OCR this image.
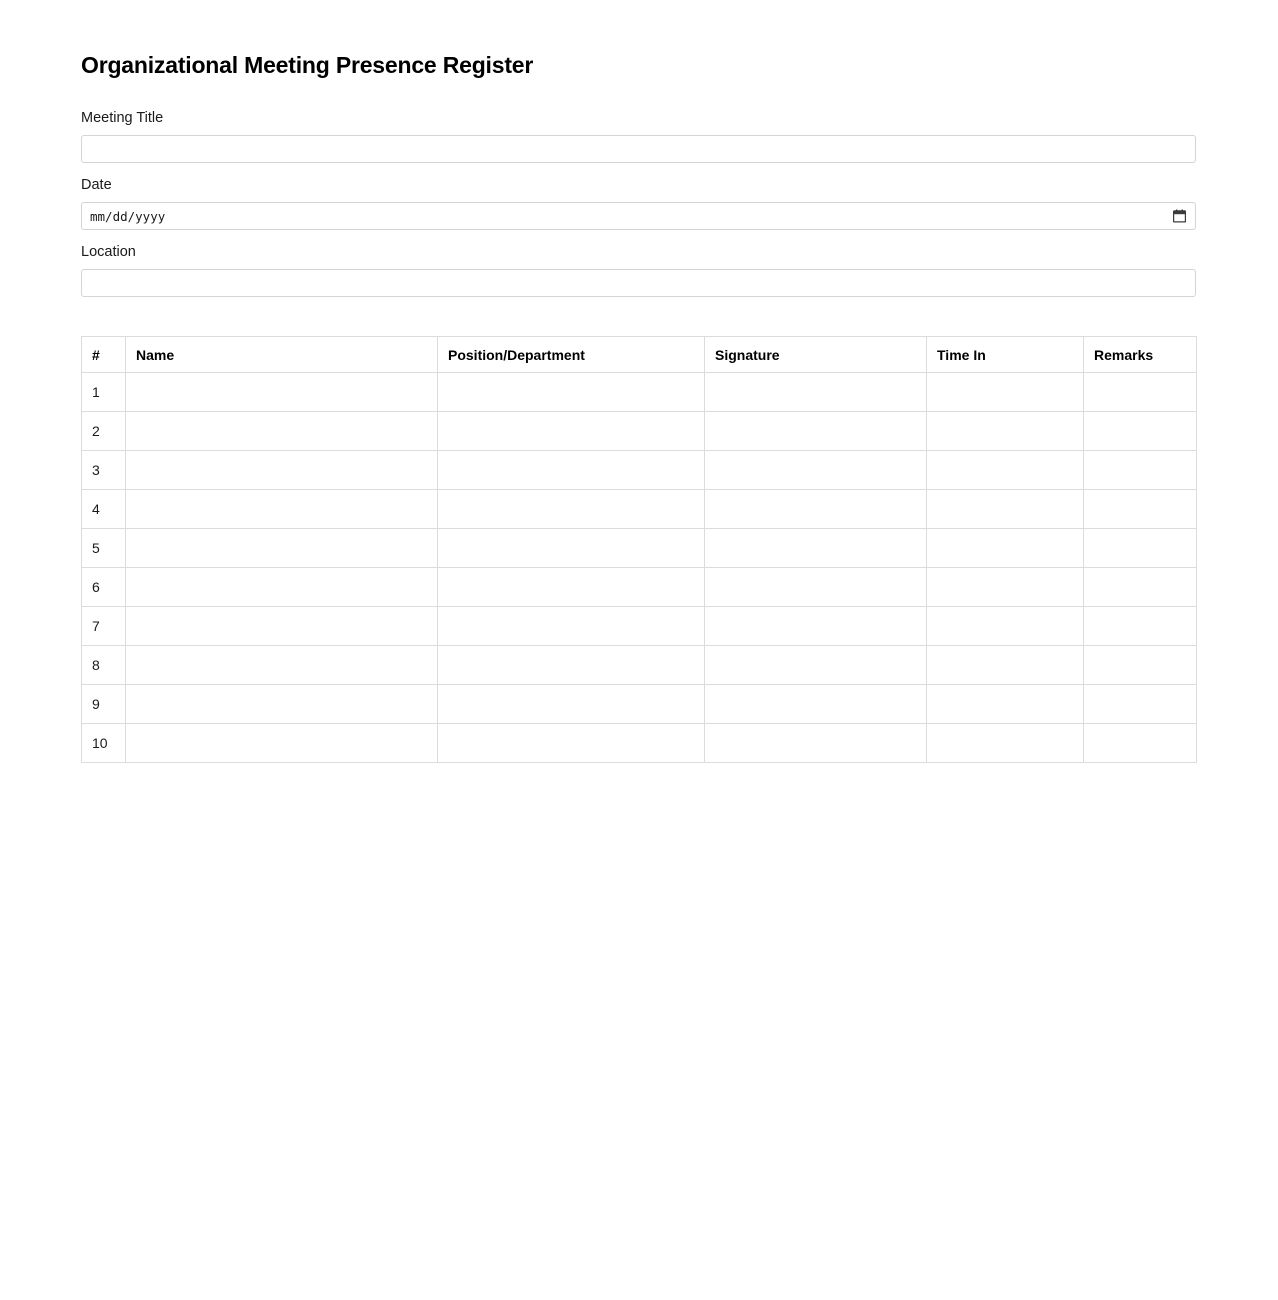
Organizational Meeting Presence Register
Meeting Title
Date
mm/dd/yyyy
Location
#	Name	Position/Department	Signature	Time In	Remarks
1					
2					
3					
4					
5					
6					
7					
8					
9					
10					
